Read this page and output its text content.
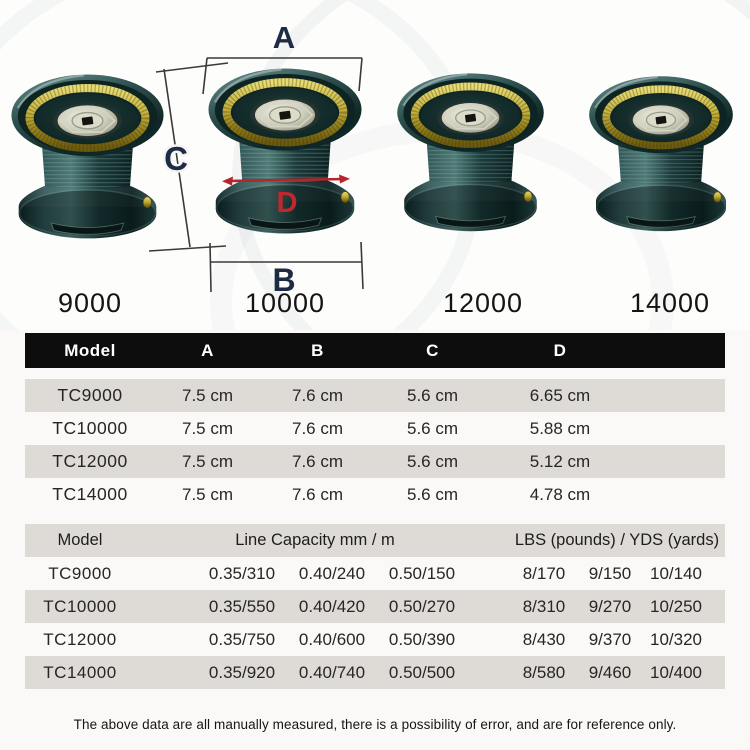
A
C
B
D
9000	10000	12000	14000
Model	A	B	C	D
TC9000	7.5 cm	7.6 cm	5.6 cm	6.65 cm
TC10000	7.5 cm	7.6 cm	5.6 cm	5.88 cm
TC12000	7.5 cm	7.6 cm	5.6 cm	5.12 cm
TC14000	7.5 cm	7.6 cm	5.6 cm	4.78 cm
Model	Line Capacity mm / m	LBS (pounds) / YDS (yards)
TC9000	0.35/310	0.40/240	0.50/150	8/170	9/150	10/140
TC10000	0.35/550	0.40/420	0.50/270	8/310	9/270	10/250
TC12000	0.35/750	0.40/600	0.50/390	8/430	9/370	10/320
TC14000	0.35/920	0.40/740	0.50/500	8/580	9/460	10/400
The above data are all manually measured, there is a possibility of error, and are for reference only.
